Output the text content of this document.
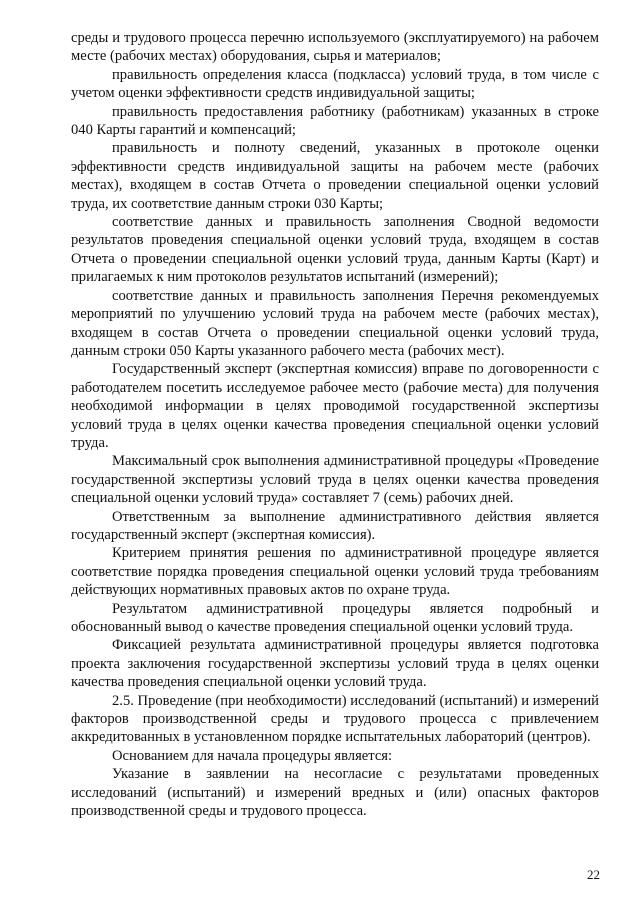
среды и трудового процесса перечню используемого (эксплуатируемого) на рабочем месте (рабочих местах) оборудования, сырья и материалов;

правильность определения класса (подкласса) условий труда, в том числе с учетом оценки эффективности средств индивидуальной защиты;

правильность предоставления работнику (работникам) указанных в строке 040 Карты гарантий и компенсаций;

правильность и полноту сведений, указанных в протоколе оценки эффективности средств индивидуальной защиты на рабочем месте (рабочих местах), входящем в состав Отчета о проведении специальной оценки условий труда, их соответствие данным строки 030 Карты;

соответствие данных и правильность заполнения Сводной ведомости результатов проведения специальной оценки условий труда, входящем в состав Отчета о проведении специальной оценки условий труда, данным Карты (Карт) и прилагаемых к ним протоколов результатов испытаний (измерений);

соответствие данных и правильность заполнения Перечня рекомендуемых мероприятий по улучшению условий труда на рабочем месте (рабочих местах), входящем в состав Отчета о проведении специальной оценки условий труда, данным строки 050 Карты указанного рабочего места (рабочих мест).

Государственный эксперт (экспертная комиссия) вправе по договоренности с работодателем посетить исследуемое рабочее место (рабочие места) для получения необходимой информации в целях проводимой государственной экспертизы условий труда в целях оценки качества проведения специальной оценки условий труда.

Максимальный срок выполнения административной процедуры «Проведение государственной экспертизы условий труда в целях оценки качества проведения специальной оценки условий труда» составляет 7 (семь) рабочих дней.

Ответственным за выполнение административного действия является государственный эксперт (экспертная комиссия).

Критерием принятия решения по административной процедуре является соответствие порядка проведения специальной оценки условий труда требованиям действующих нормативных правовых актов по охране труда.

Результатом административной процедуры является подробный и обоснованный вывод о качестве проведения специальной оценки условий труда.

Фиксацией результата административной процедуры является подготовка проекта заключения государственной экспертизы условий труда в целях оценки качества проведения специальной оценки условий труда.

2.5. Проведение (при необходимости) исследований (испытаний) и измерений факторов производственной среды и трудового процесса с привлечением аккредитованных в установленном порядке испытательных лабораторий (центров).

Основанием для начала процедуры является:

Указание в заявлении на несогласие с результатами проведенных исследований (испытаний) и измерений вредных и (или) опасных факторов производственной среды и трудового процесса.

22
